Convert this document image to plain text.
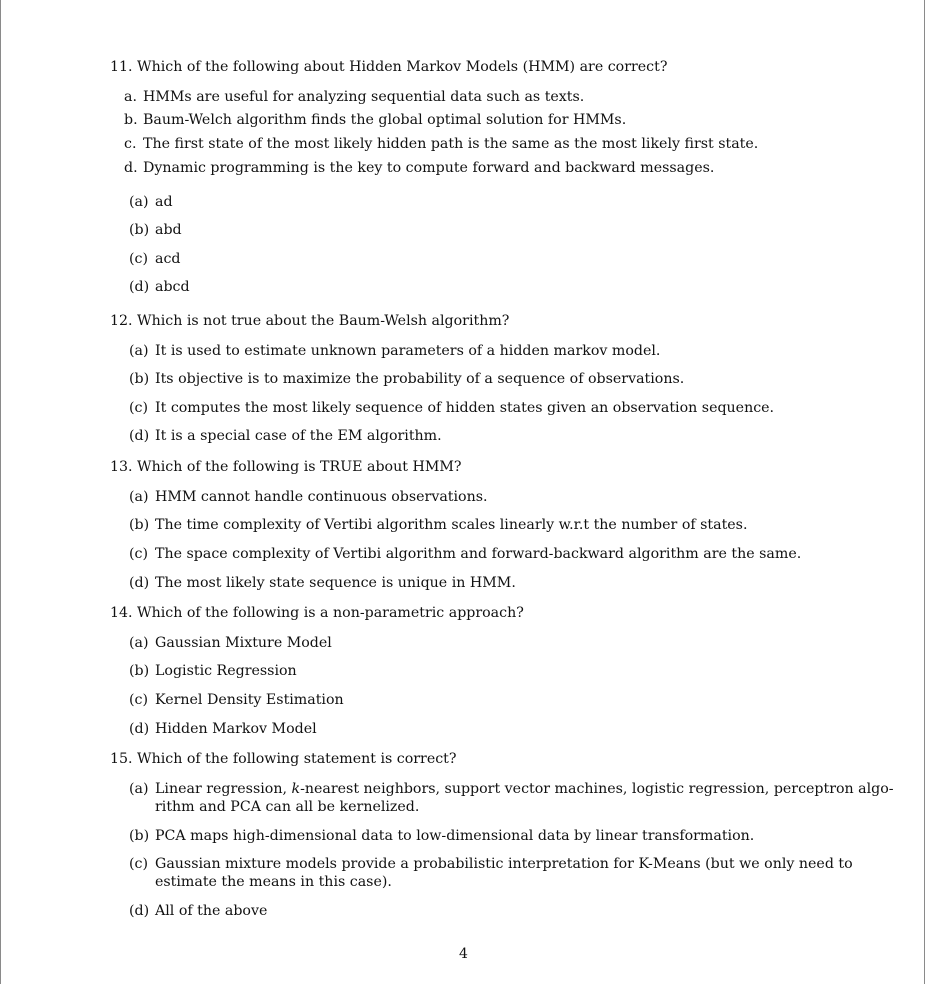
11. Which of the following about Hidden Markov Models (HMM) are correct?
a. HMMs are useful for analyzing sequential data such as texts.
b. Baum-Welch algorithm finds the global optimal solution for HMMs.
c. The first state of the most likely hidden path is the same as the most likely first state.
d. Dynamic programming is the key to compute forward and backward messages.
(a) ad
(b) abd
(c) acd
(d) abcd
12. Which is not true about the Baum-Welsh algorithm?
(a) It is used to estimate unknown parameters of a hidden markov model.
(b) Its objective is to maximize the probability of a sequence of observations.
(c) It computes the most likely sequence of hidden states given an observation sequence.
(d) It is a special case of the EM algorithm.
13. Which of the following is TRUE about HMM?
(a) HMM cannot handle continuous observations.
(b) The time complexity of Vertibi algorithm scales linearly w.r.t the number of states.
(c) The space complexity of Vertibi algorithm and forward-backward algorithm are the same.
(d) The most likely state sequence is unique in HMM.
14. Which of the following is a non-parametric approach?
(a) Gaussian Mixture Model
(b) Logistic Regression
(c) Kernel Density Estimation
(d) Hidden Markov Model
15. Which of the following statement is correct?
(a) Linear regression, k-nearest neighbors, support vector machines, logistic regression, perceptron algo-
rithm and PCA can all be kernelized.
(b) PCA maps high-dimensional data to low-dimensional data by linear transformation.
(c) Gaussian mixture models provide a probabilistic interpretation for K-Means (but we only need to
estimate the means in this case).
(d) All of the above
4
